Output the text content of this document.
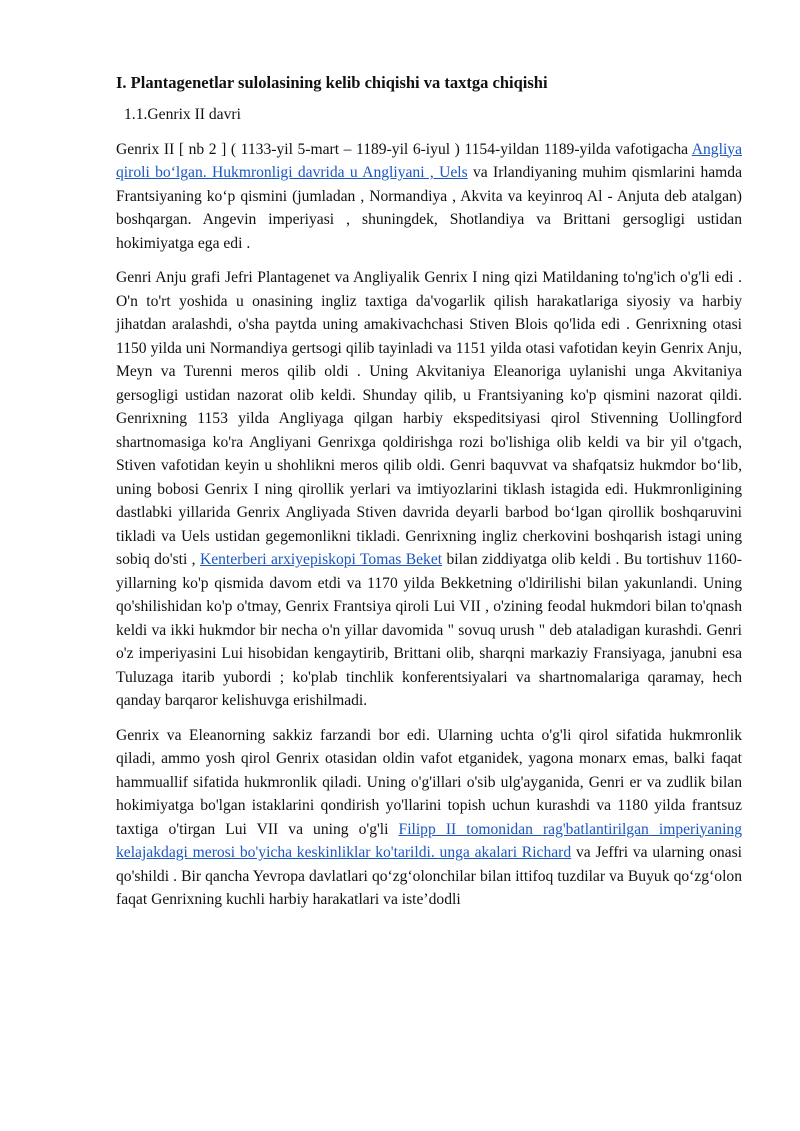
I. Plantagenetlar sulolasining kelib chiqishi va taxtga chiqishi
1.1.Genrix II davri

Genrix II [ nb 2 ] ( 1133-yil 5-mart – 1189-yil 6-iyul ) 1154-yildan 1189-yilda vafotigacha Angliya qiroli bo‘lgan. Hukmronligi davrida u Angliyani , Uels va Irlandiyaning muhim qismlarini hamda Frantsiyaning ko‘p qismini (jumladan , Normandiya , Akvita va keyinroq Al - Anjuta deb atalgan) boshqargan. Angevin imperiyasi , shuningdek, Shotlandiya va Brittani gersogligi ustidan hokimiyatga ega edi .

Genri Anju grafi Jefri Plantagenet va Angliyalik Genrix I ning qizi Matildaning to'ng'ich o'g'li edi . O'n to'rt yoshida u onasining ingliz taxtiga da'vogarlik qilish harakatlariga siyosiy va harbiy jihatdan aralashdi, o'sha paytda uning amakivachchasi Stiven Blois qo'lida edi . Genrixning otasi 1150 yilda uni Normandiya gertsogi qilib tayinladi va 1151 yilda otasi vafotidan keyin Genrix Anju, Meyn va Turenni meros qilib oldi . Uning Akvitaniya Eleanoriga uylanishi unga Akvitaniya gersogligi ustidan nazorat olib keldi. Shunday qilib, u Frantsiyaning ko'p qismini nazorat qildi. Genrixning 1153 yilda Angliyaga qilgan harbiy ekspeditsiyasi qirol Stivenning Uollingford shartnomasiga ko'ra Angliyani Genrixga qoldirishga rozi bo'lishiga olib keldi va bir yil o'tgach, Stiven vafotidan keyin u shohlikni meros qilib oldi. Genri baquvvat va shafqatsiz hukmdor bo‘lib, uning bobosi Genrix I ning qirollik yerlari va imtiyozlarini tiklash istagida edi. Hukmronligining dastlabki yillarida Genrix Angliyada Stiven davrida deyarli barbod bo‘lgan qirollik boshqaruvini tikladi va Uels ustidan gegemonlikni tikladi. Genrixning ingliz cherkovini boshqarish istagi uning sobiq do'sti , Kenterberi arxiyepiskopi Tomas Beket bilan ziddiyatga olib keldi . Bu tortishuv 1160-yillarning ko'p qismida davom etdi va 1170 yilda Bekketning o'ldirilishi bilan yakunlandi. Uning qo'shilishidan ko'p o'tmay, Genrix Frantsiya qiroli Lui VII , o'zining feodal hukmdori bilan to'qnash keldi va ikki hukmdor bir necha o'n yillar davomida " sovuq urush " deb ataladigan kurashdi. Genri o'z imperiyasini Lui hisobidan kengaytirib, Brittani olib, sharqni markaziy Fransiyaga, janubni esa Tuluzaga itarib yubordi ; ko'plab tinchlik konferentsiyalari va shartnomalariga qaramay, hech qanday barqaror kelishuvga erishilmadi.

Genrix va Eleanorning sakkiz farzandi bor edi. Ularning uchta o'g'li qirol sifatida hukmronlik qiladi, ammo yosh qirol Genrix otasidan oldin vafot etganidek, yagona monarx emas, balki faqat hammuallif sifatida hukmronlik qiladi. Uning o'g'illari o'sib ulg'ayganida, Genri er va zudlik bilan hokimiyatga bo'lgan istaklarini qondirish yo'llarini topish uchun kurashdi va 1180 yilda frantsuz taxtiga o'tirgan Lui VII va uning o'g'li Filipp II tomonidan rag'batlantirilgan imperiyaning kelajakdagi merosi bo'yicha keskinliklar ko'tarildi. unga akalari Richard va Jeffri va ularning onasi qo'shildi . Bir qancha Yevropa davlatlari qo‘zg‘olonchilar bilan ittifoq tuzdilar va Buyuk qo‘zg‘olon faqat Genrixning kuchli harbiy harakatlari va iste’dodli
